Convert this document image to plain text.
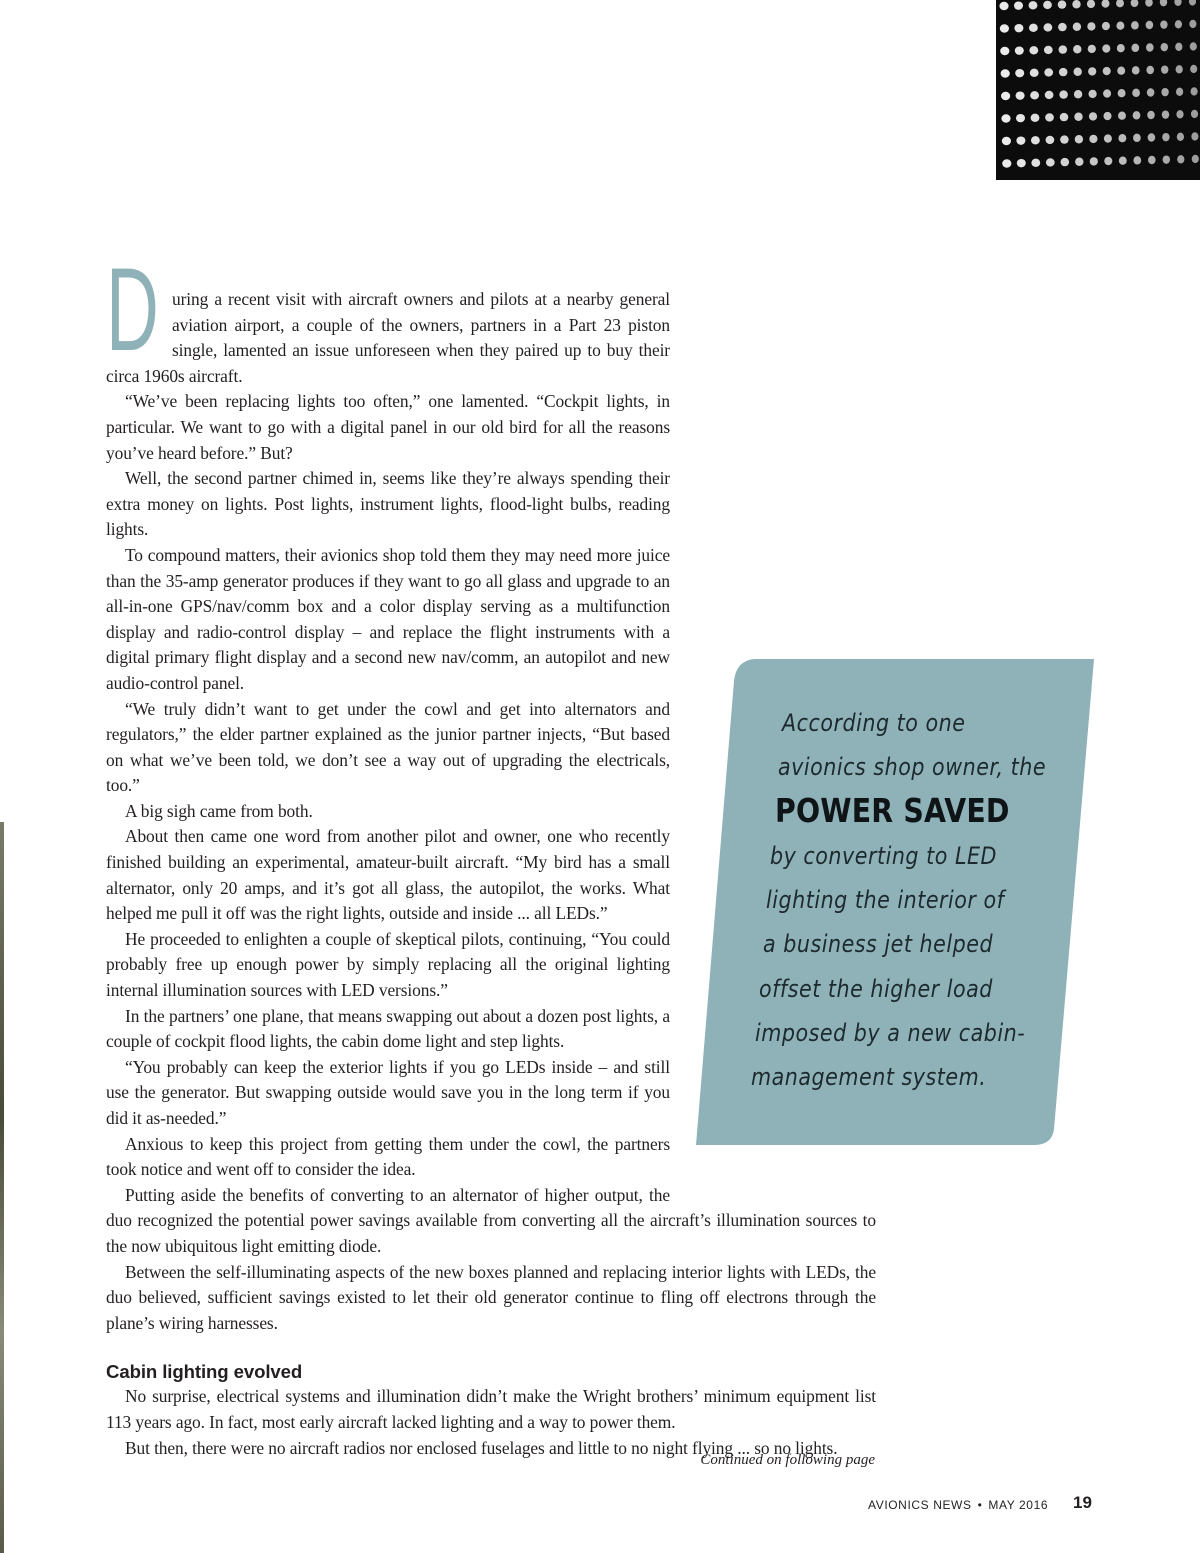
During a recent visit with aircraft owners and pilots at a nearby general aviation airport, a couple of the owners, partners in a Part 23 piston single, lamented an issue unforeseen when they paired up to buy their circa 1960s aircraft.

“We’ve been replacing lights too often,” one lamented. “Cockpit lights, in particular. We want to go with a digital panel in our old bird for all the reasons you’ve heard before.” But?

Well, the second partner chimed in, seems like they’re always spending their extra money on lights. Post lights, instrument lights, flood-light bulbs, reading lights.

To compound matters, their avionics shop told them they may need more juice than the 35-amp generator produces if they want to go all glass and upgrade to an all-in-one GPS/nav/comm box and a color display serving as a multifunction display and radio-control display – and replace the flight instruments with a digital primary flight display and a second new nav/comm, an autopilot and new audio-control panel.

“We truly didn’t want to get under the cowl and get into alternators and regulators,” the elder partner explained as the junior partner injects, “But based on what we’ve been told, we don’t see a way out of upgrading the electricals, too.”

A big sigh came from both.

About then came one word from another pilot and owner, one who recently finished building an experimental, amateur-built aircraft. “My bird has a small alternator, only 20 amps, and it’s got all glass, the autopilot, the works. What helped me pull it off was the right lights, outside and inside ... all LEDs.”

He proceeded to enlighten a couple of skeptical pilots, continuing, “You could probably free up enough power by simply replacing all the original lighting internal illumination sources with LED versions.”

In the partners’ one plane, that means swapping out about a dozen post lights, a couple of cockpit flood lights, the cabin dome light and step lights.

“You probably can keep the exterior lights if you go LEDs inside – and still use the generator. But swapping outside would save you in the long term if you did it as-needed.”

Anxious to keep this project from getting them under the cowl, the partners took notice and went off to consider the idea.

Putting aside the benefits of converting to an alternator of higher output, the duo recognized the potential power savings available from converting all the aircraft’s illumination sources to the now ubiquitous light emitting diode.

Between the self-illuminating aspects of the new boxes planned and replacing interior lights with LEDs, the duo believed, sufficient savings existed to let their old generator continue to fling off electrons through the plane’s wiring harnesses.

Cabin lighting evolved

No surprise, electrical systems and illumination didn’t make the Wright brothers’ minimum equipment list 113 years ago. In fact, most early aircraft lacked lighting and a way to power them.

But then, there were no aircraft radios nor enclosed fuselages and little to no night flying ... so no lights.

Continued on following page
According to one
avionics shop owner, the
POWER SAVED
by converting to LED
lighting the interior of
a business jet helped
offset the higher load
imposed by a new cabin-
management system.
AVIONICS NEWS • MAY 2016 19
